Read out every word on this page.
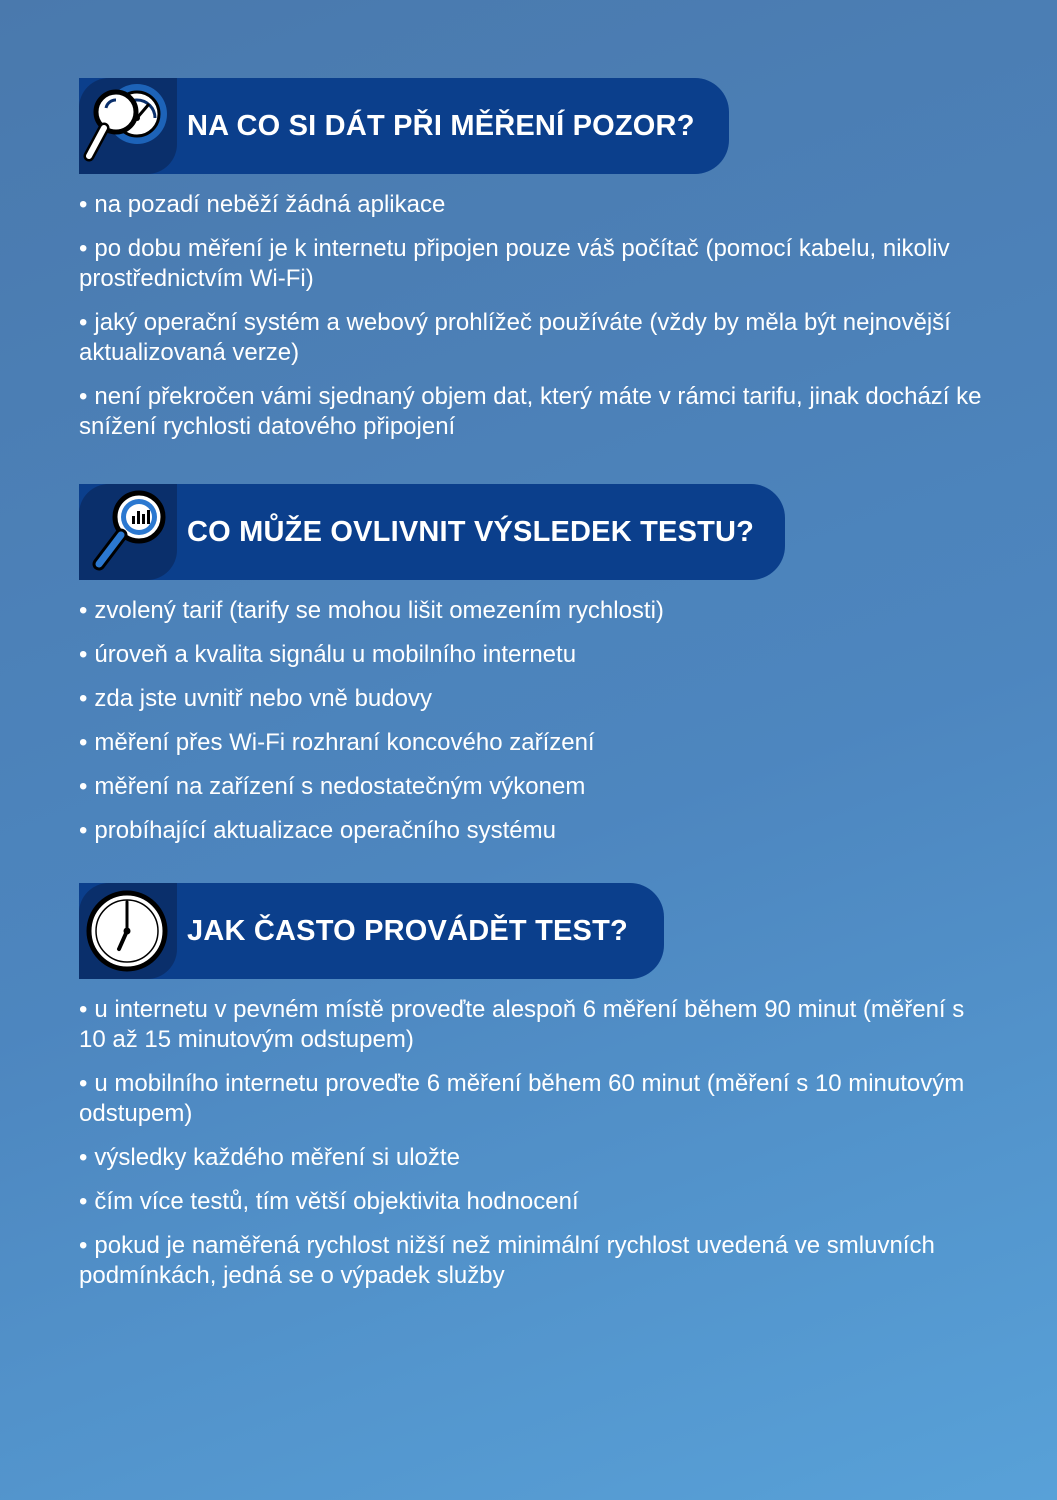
NA CO SI DÁT PŘI MĚŘENÍ POZOR?
• na pozadí neběží žádná aplikace
• po dobu měření je k internetu připojen pouze váš počítač (pomocí kabelu, nikoliv prostřednictvím Wi-Fi)
• jaký operační systém a webový prohlížeč používáte (vždy by měla být nejnovější aktualizovaná verze)
• není překročen vámi sjednaný objem dat, který máte v rámci tarifu, jinak dochází ke snížení rychlosti datového připojení
CO MŮŽE OVLIVNIT VÝSLEDEK TESTU?
• zvolený tarif (tarify se mohou lišit omezením rychlosti)
• úroveň a kvalita signálu u mobilního internetu
• zda jste uvnitř nebo vně budovy
• měření přes Wi-Fi rozhraní koncového zařízení
• měření na zařízení s nedostatečným výkonem
• probíhající aktualizace operačního systému
JAK ČASTO PROVÁDĚT TEST?
• u internetu v pevném místě proveďte alespoň 6 měření během 90 minut (měření s 10 až 15 minutovým odstupem)
• u mobilního internetu proveďte 6 měření během 60 minut (měření s 10 minutovým odstupem)
• výsledky každého měření si uložte
• čím více testů, tím větší objektivita hodnocení
• pokud je naměřená rychlost nižší než minimální rychlost uvedená ve smluvních podmínkách, jedná se o výpadek služby
